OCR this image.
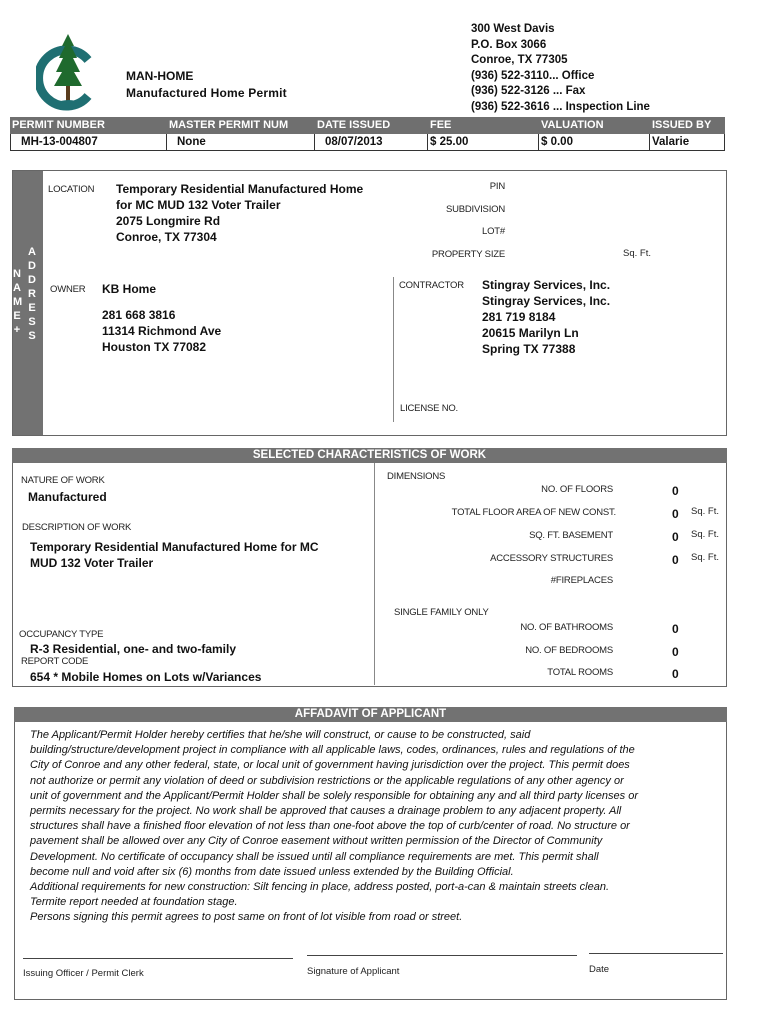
MAN-HOME
Manufactured Home Permit
300 West Davis
P.O. Box 3066
Conroe, TX 77305
(936) 522-3110... Office
(936) 522-3126 ... Fax
(936) 522-3616 ... Inspection Line
PERMIT NUMBER	MASTER PERMIT NUM	DATE ISSUED	FEE	VALUATION	ISSUED BY
MH-13-004807	None	08/07/2013	$ 25.00	$ 0.00	Valarie
NAME+
ADDRESS
LOCATION Temporary Residential Manufactured Home
for MC MUD 132 Voter Trailer
2075 Longmire Rd
Conroe, TX 77304
PIN
SUBDIVISION
LOT#
PROPERTY SIZE	Sq. Ft.
OWNER KB Home
281 668 3816
11314 Richmond Ave
Houston TX 77082
CONTRACTOR Stingray Services, Inc.
Stingray Services, Inc.
281 719 8184
20615 Marilyn Ln
Spring TX 77388
LICENSE NO.
SELECTED CHARACTERISTICS OF WORK
NATURE OF WORK
Manufactured
DESCRIPTION OF WORK
Temporary Residential Manufactured Home for MC
MUD 132 Voter Trailer
OCCUPANCY TYPE
R-3 Residential, one- and two-family
REPORT CODE
654 * Mobile Homes on Lots w/Variances
DIMENSIONS
NO. OF FLOORS	0
TOTAL FLOOR AREA OF NEW CONST.	0 Sq. Ft.
SQ. FT. BASEMENT	0 Sq. Ft.
ACCESSORY STRUCTURES	0 Sq. Ft.
#FIREPLACES
SINGLE FAMILY ONLY
NO. OF BATHROOMS	0
NO. OF BEDROOMS	0
TOTAL ROOMS	0
AFFADAVIT OF APPLICANT
The Applicant/Permit Holder hereby certifies that he/she will construct, or cause to be constructed, said
building/structure/development project in compliance with all applicable laws, codes, ordinances, rules and regulations of the
City of Conroe and any other federal, state, or local unit of government having jurisdiction over the project. This permit does
not authorize or permit any violation of deed or subdivision restrictions or the applicable regulations of any other agency or
unit of government and the Applicant/Permit Holder shall be solely responsible for obtaining any and all third party licenses or
permits necessary for the project. No work shall be approved that causes a drainage problem to any adjacent property. All
structures shall have a finished floor elevation of not less than one-foot above the top of curb/center of road. No structure or
pavement shall be allowed over any City of Conroe easement without written permission of the Director of Community
Development. No certificate of occupancy shall be issued until all compliance requirements are met. This permit shall
become null and void after six (6) months from date issued unless extended by the Building Official.
Additional requirements for new construction: Silt fencing in place, address posted, port-a-can & maintain streets clean.
Termite report needed at foundation stage.
Persons signing this permit agrees to post same on front of lot visible from road or street.
Issuing Officer / Permit Clerk	Signature of Applicant	Date
